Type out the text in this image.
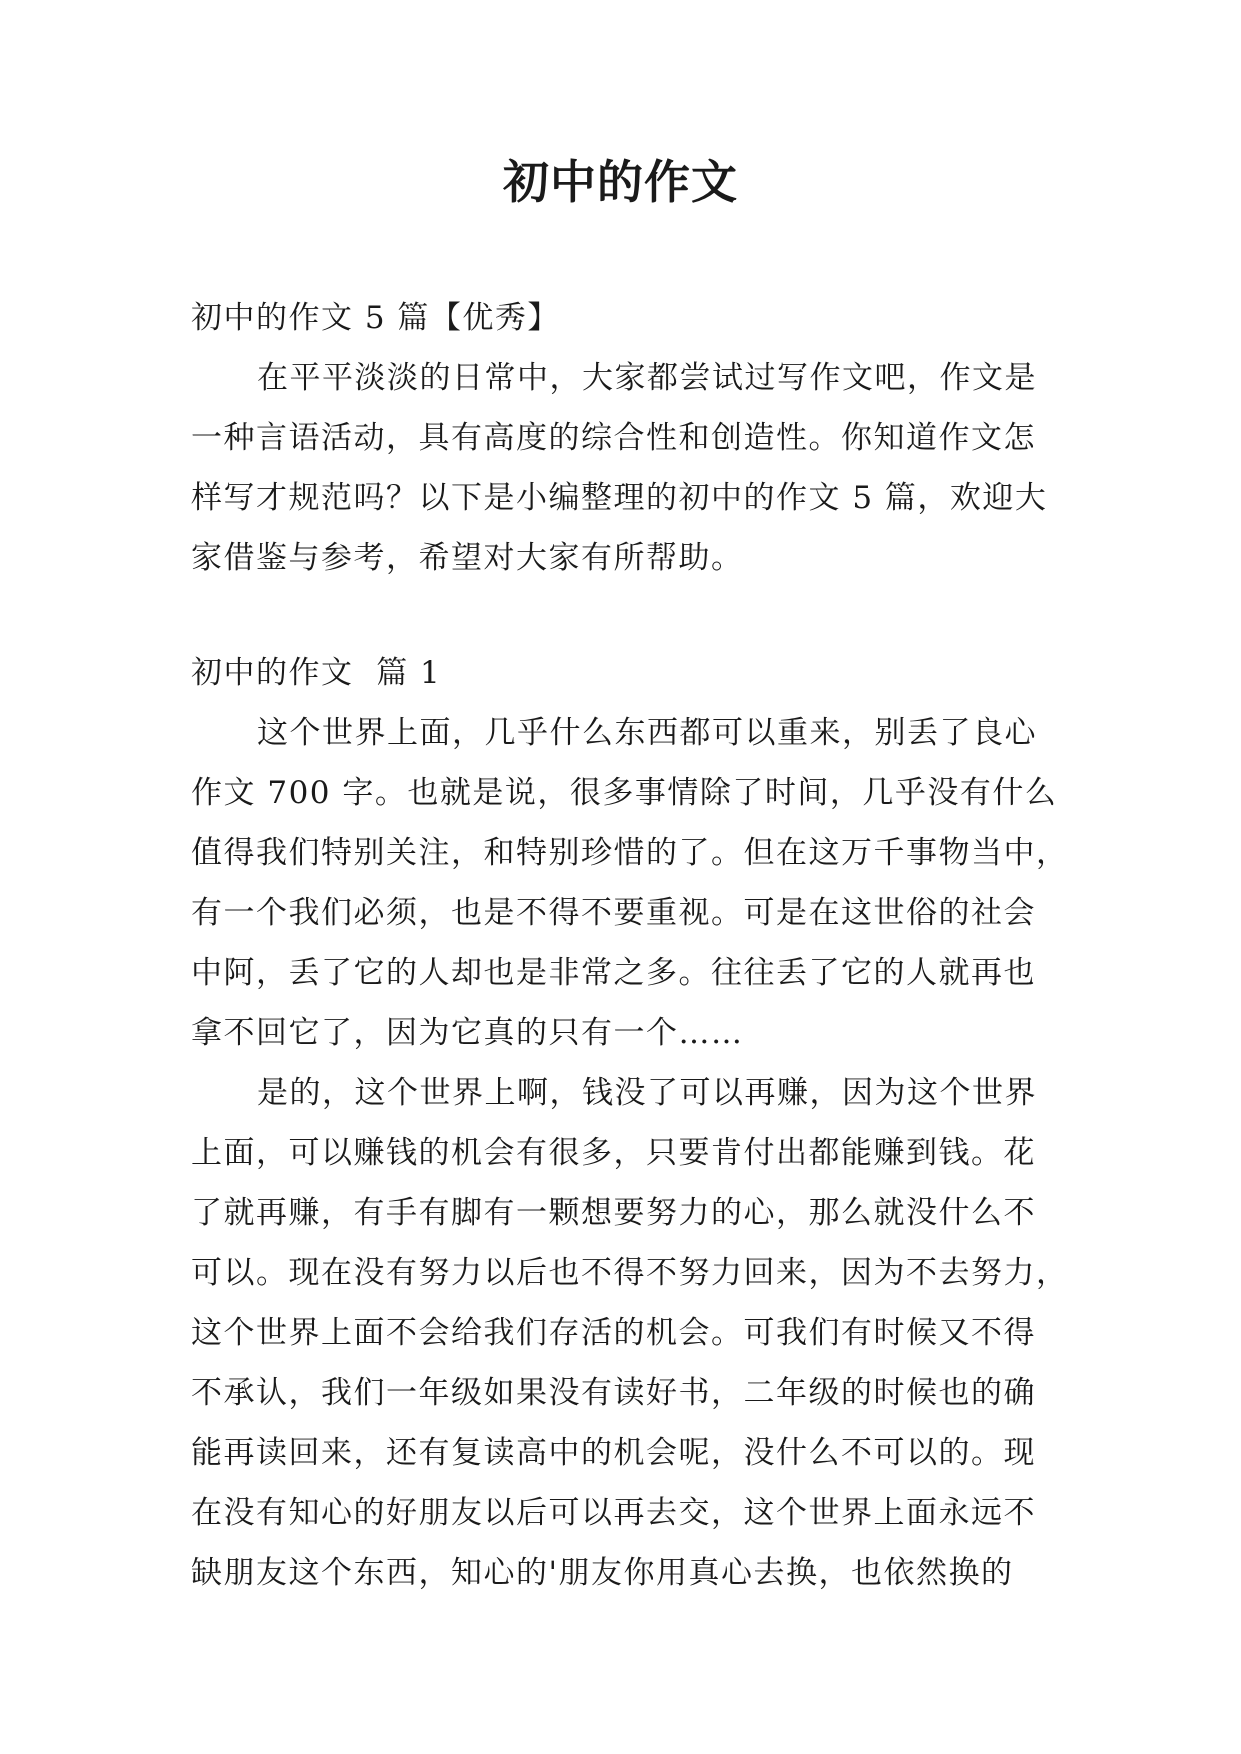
初中的作文
初中的作文 5 篇【优秀】
在平平淡淡的日常中，大家都尝试过写作文吧，作文是
一种言语活动，具有高度的综合性和创造性。你知道作文怎
样写才规范吗？以下是小编整理的初中的作文 5 篇，欢迎大
家借鉴与参考，希望对大家有所帮助。
初中的作文  篇 1
这个世界上面，几乎什么东西都可以重来，别丢了良心
作文 700 字。也就是说，很多事情除了时间，几乎没有什么
值得我们特别关注，和特别珍惜的了。但在这万千事物当中，
有一个我们必须，也是不得不要重视。可是在这世俗的社会
中阿，丢了它的人却也是非常之多。往往丢了它的人就再也
拿不回它了，因为它真的只有一个……
是的，这个世界上啊，钱没了可以再赚，因为这个世界
上面，可以赚钱的机会有很多，只要肯付出都能赚到钱。花
了就再赚，有手有脚有一颗想要努力的心，那么就没什么不
可以。现在没有努力以后也不得不努力回来，因为不去努力，
这个世界上面不会给我们存活的机会。可我们有时候又不得
不承认，我们一年级如果没有读好书，二年级的时候也的确
能再读回来，还有复读高中的机会呢，没什么不可以的。现
在没有知心的好朋友以后可以再去交，这个世界上面永远不
缺朋友这个东西，知心的'朋友你用真心去换，也依然换的
